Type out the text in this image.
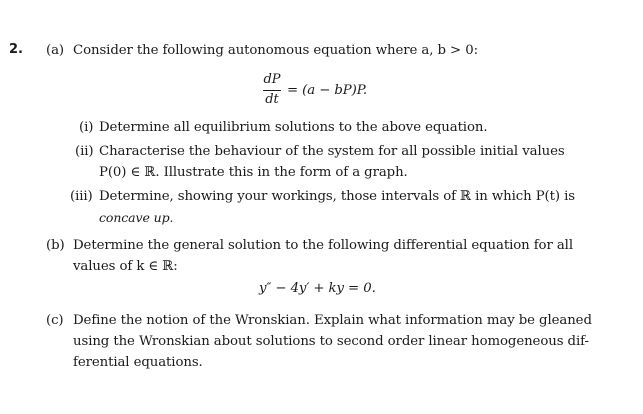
2. (a) Consider the following autonomous equation where a, b > 0:
dP
dt
= (a − bP)P.
(i) Determine all equilibrium solutions to the above equation.
(ii) Characterise the behaviour of the system for all possible initial values
P(0) ∈ ℝ. Illustrate this in the form of a graph.
(iii) Determine, showing your workings, those intervals of ℝ in which P(t) is
concave up.
(b) Determine the general solution to the following differential equation for all
values of k ∈ ℝ:
y″ − 4y′ + ky = 0.
(c) Define the notion of the Wronskian. Explain what information may be gleaned
using the Wronskian about solutions to second order linear homogeneous dif-
ferential equations.
